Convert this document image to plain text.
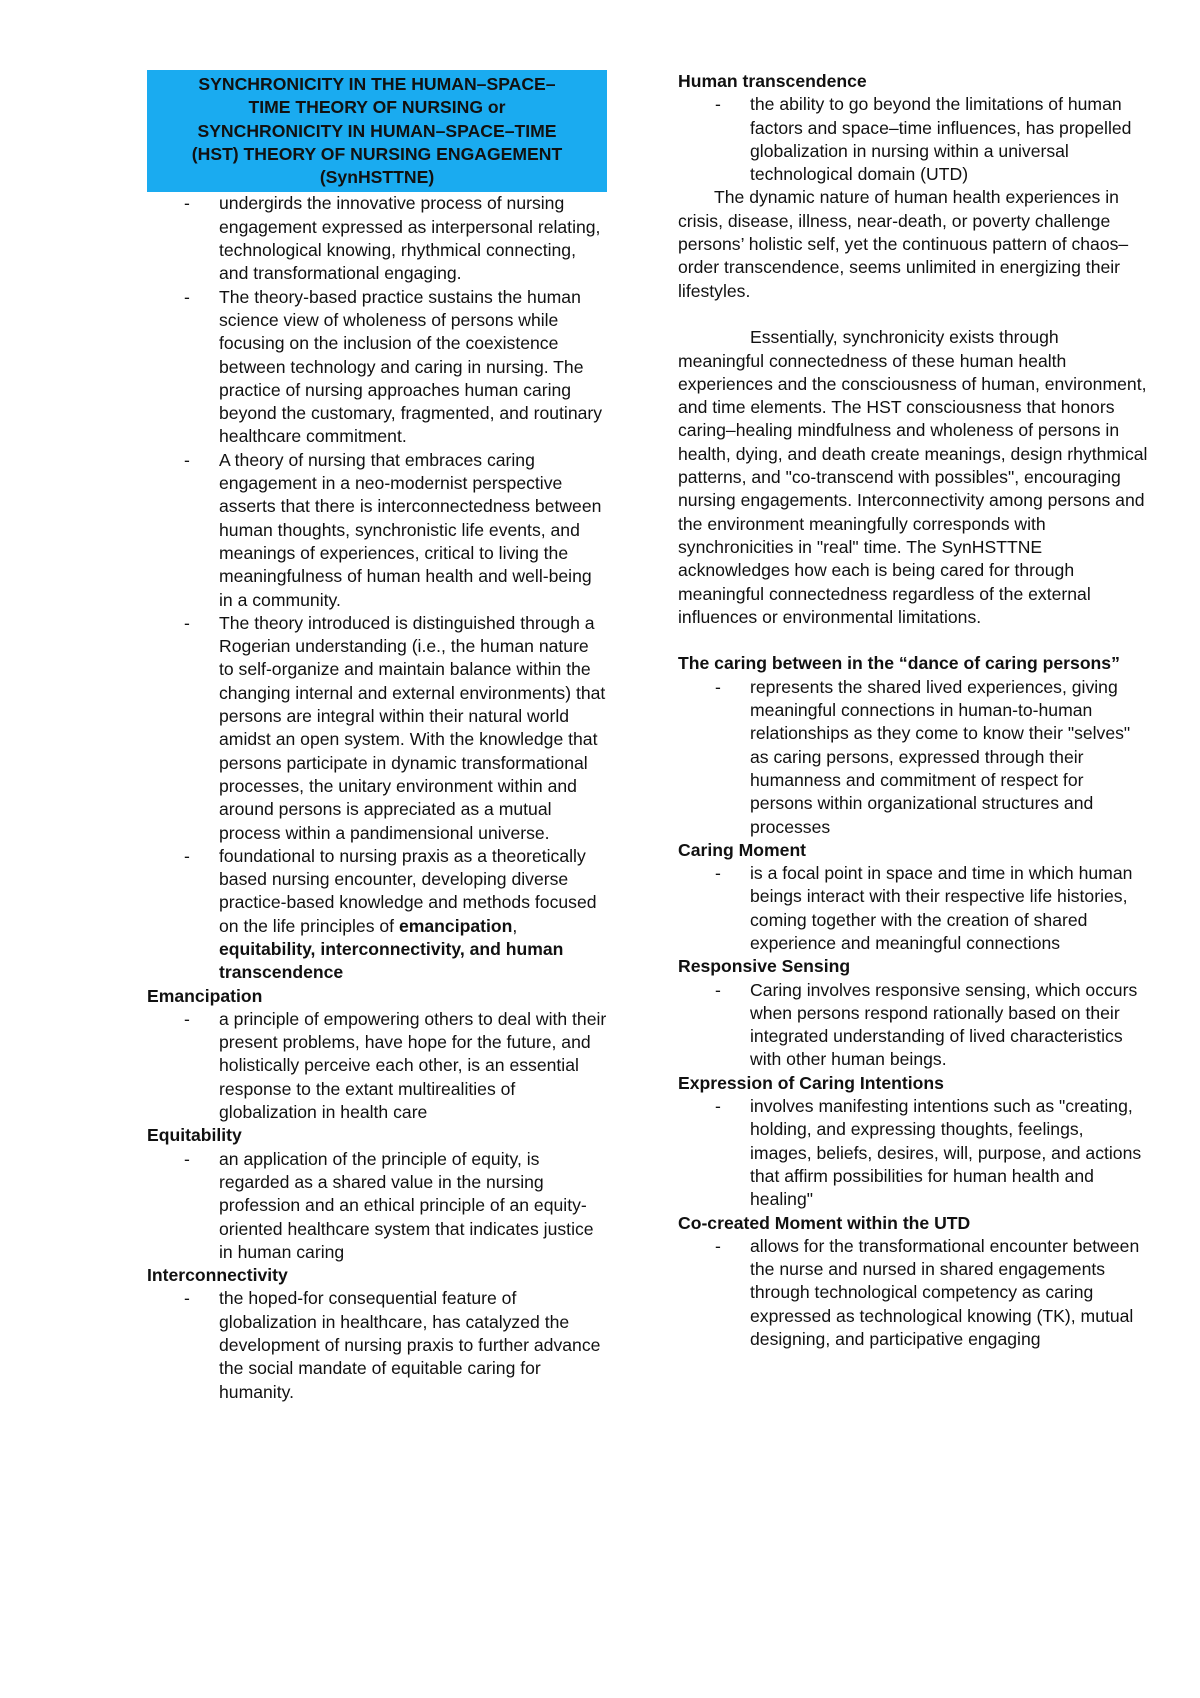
SYNCHRONICITY IN THE HUMAN–SPACE–
TIME THEORY OF NURSING or
SYNCHRONICITY IN HUMAN–SPACE–TIME
(HST) THEORY OF NURSING ENGAGEMENT
(SynHSTTNE)
- undergirds the innovative process of nursing engagement expressed as interpersonal relating, technological knowing, rhythmical connecting, and transformational engaging.
- The theory-based practice sustains the human science view of wholeness of persons while focusing on the inclusion of the coexistence between technology and caring in nursing. The practice of nursing approaches human caring beyond the customary, fragmented, and routinary healthcare commitment.
- A theory of nursing that embraces caring engagement in a neo-modernist perspective asserts that there is interconnectedness between human thoughts, synchronistic life events, and meanings of experiences, critical to living the meaningfulness of human health and well-being in a community.
- The theory introduced is distinguished through a Rogerian understanding (i.e., the human nature to self-organize and maintain balance within the changing internal and external environments) that persons are integral within their natural world amidst an open system. With the knowledge that persons participate in dynamic transformational processes, the unitary environment within and around persons is appreciated as a mutual process within a pandimensional universe.
- foundational to nursing praxis as a theoretically based nursing encounter, developing diverse practice-based knowledge and methods focused on the life principles of emancipation, equitability, interconnectivity, and human transcendence
Emancipation
- a principle of empowering others to deal with their present problems, have hope for the future, and holistically perceive each other, is an essential response to the extant multirealities of globalization in health care
Equitability
- an application of the principle of equity, is regarded as a shared value in the nursing profession and an ethical principle of an equity-oriented healthcare system that indicates justice in human caring
Interconnectivity
- the hoped-for consequential feature of globalization in healthcare, has catalyzed the development of nursing praxis to further advance the social mandate of equitable caring for humanity.
Human transcendence
- the ability to go beyond the limitations of human factors and space–time influences, has propelled globalization in nursing within a universal technological domain (UTD)

The dynamic nature of human health experiences in crisis, disease, illness, near-death, or poverty challenge persons’ holistic self, yet the continuous pattern of chaos–order transcendence, seems unlimited in energizing their lifestyles.

Essentially, synchronicity exists through meaningful connectedness of these human health experiences and the consciousness of human, environment, and time elements. The HST consciousness that honors caring–healing mindfulness and wholeness of persons in health, dying, and death create meanings, design rhythmical patterns, and "co-transcend with possibles", encouraging nursing engagements. Interconnectivity among persons and the environment meaningfully corresponds with synchronicities in "real" time. The SynHSTTNE acknowledges how each is being cared for through meaningful connectedness regardless of the external influences or environmental limitations.

The caring between in the “dance of caring persons”
- represents the shared lived experiences, giving meaningful connections in human-to-human relationships as they come to know their "selves" as caring persons, expressed through their humanness and commitment of respect for persons within organizational structures and processes
Caring Moment
- is a focal point in space and time in which human beings interact with their respective life histories, coming together with the creation of shared experience and meaningful connections
Responsive Sensing
- Caring involves responsive sensing, which occurs when persons respond rationally based on their integrated understanding of lived characteristics with other human beings.
Expression of Caring Intentions
- involves manifesting intentions such as "creating, holding, and expressing thoughts, feelings, images, beliefs, desires, will, purpose, and actions that affirm possibilities for human health and healing"
Co-created Moment within the UTD
- allows for the transformational encounter between the nurse and nursed in shared engagements through technological competency as caring expressed as technological knowing (TK), mutual designing, and participative engaging
